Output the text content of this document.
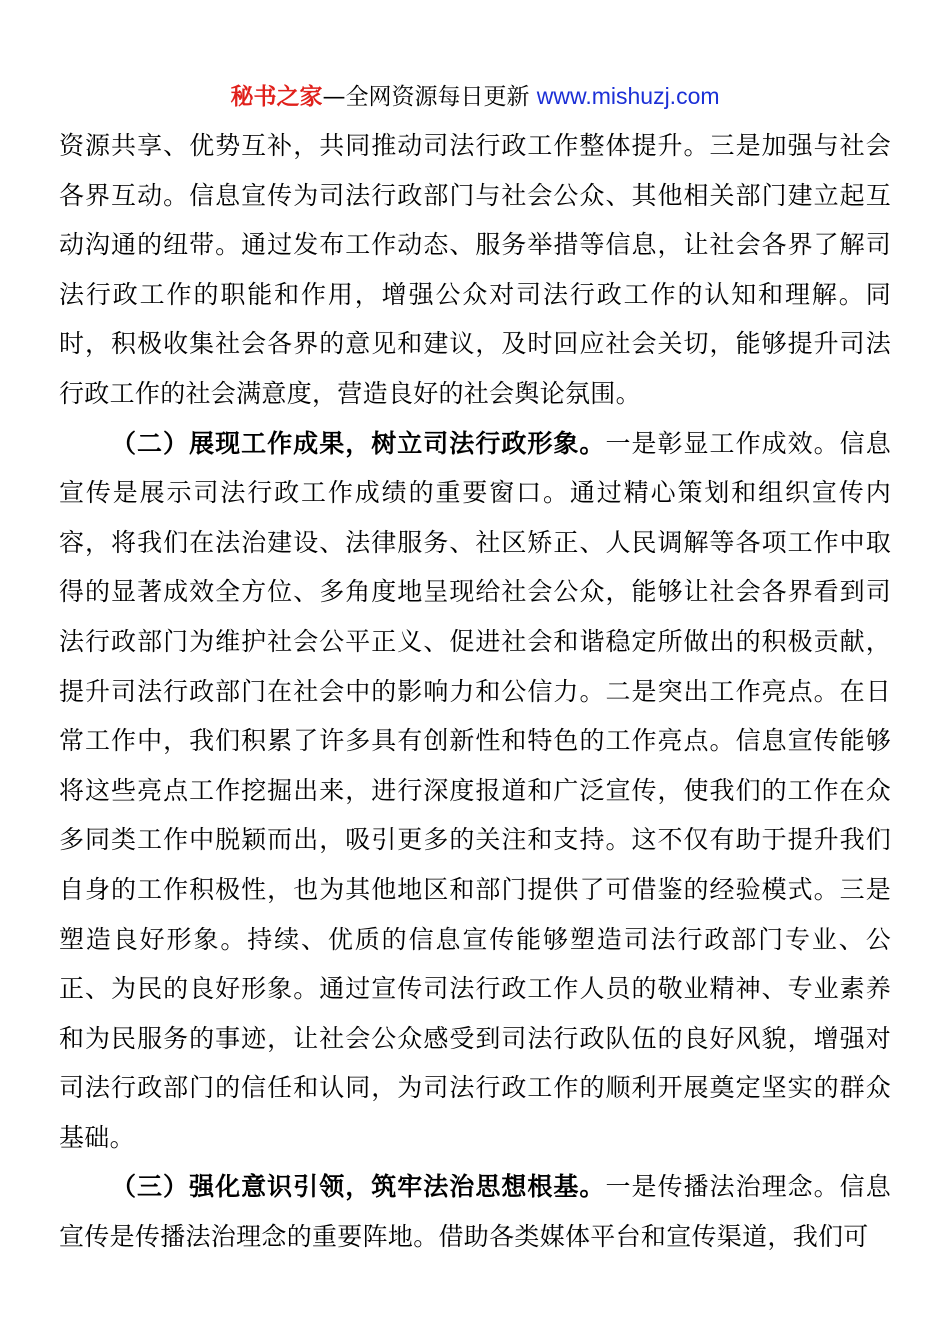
秘书之家—全网资源每日更新 www.mishuzj.com

资源共享、优势互补，共同推动司法行政工作整体提升。三是加强与社会各界互动。信息宣传为司法行政部门与社会公众、其他相关部门建立起互动沟通的纽带。通过发布工作动态、服务举措等信息，让社会各界了解司法行政工作的职能和作用，增强公众对司法行政工作的认知和理解。同时，积极收集社会各界的意见和建议，及时回应社会关切，能够提升司法行政工作的社会满意度，营造良好的社会舆论氛围。

（二）展现工作成果，树立司法行政形象。一是彰显工作成效。信息宣传是展示司法行政工作成绩的重要窗口。通过精心策划和组织宣传内容，将我们在法治建设、法律服务、社区矫正、人民调解等各项工作中取得的显著成效全方位、多角度地呈现给社会公众，能够让社会各界看到司法行政部门为维护社会公平正义、促进社会和谐稳定所做出的积极贡献，提升司法行政部门在社会中的影响力和公信力。二是突出工作亮点。在日常工作中，我们积累了许多具有创新性和特色的工作亮点。信息宣传能够将这些亮点工作挖掘出来，进行深度报道和广泛宣传，使我们的工作在众多同类工作中脱颖而出，吸引更多的关注和支持。这不仅有助于提升我们自身的工作积极性，也为其他地区和部门提供了可借鉴的经验模式。三是塑造良好形象。持续、优质的信息宣传能够塑造司法行政部门专业、公正、为民的良好形象。通过宣传司法行政工作人员的敬业精神、专业素养和为民服务的事迹，让社会公众感受到司法行政队伍的良好风貌，增强对司法行政部门的信任和认同，为司法行政工作的顺利开展奠定坚实的群众基础。

（三）强化意识引领，筑牢法治思想根基。一是传播法治理念。信息宣传是传播法治理念的重要阵地。借助各类媒体平台和宣传渠道，我们可
